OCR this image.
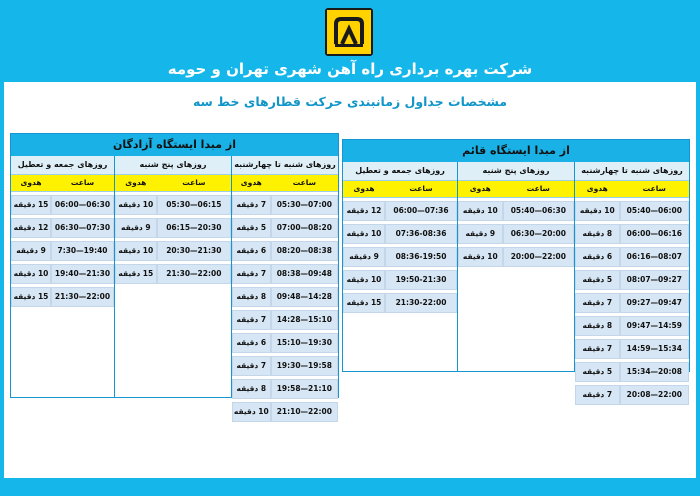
شرکت بهره برداری راه آهن شهری تهران و حومه
مشخصات جداول زمانبندی حرکت قطارهای خط سه
از مبدا ایستگاه قائم
روزهای شنبه تا چهارشنبه
ساعت
هدوی
05:40—06:00
10 دقیقه
06:00—06:16
8 دقیقه
06:16—08:07
6 دقیقه
08:07—09:27
5 دقیقه
09:27—09:47
7 دقیقه
09:47—14:59
8 دقیقه
14:59—15:34
7 دقیقه
15:34—20:08
5 دقیقه
20:08—22:00
7 دقیقه
روزهای پنج شنبه
ساعت
هدوی
05:40—06:30
10 دقیقه
06:30—20:00
9 دقیقه
20:00—22:00
10 دقیقه
روزهای جمعه و تعطیل
ساعت
هدوی
06:00—07:36
12 دقیقه
07:36-08:36
10 دقیقه
08:36-19:50
9 دقیقه
19:50-21:30
10 دقیقه
21:30-22:00
15 دقیقه
از مبدا ایستگاه آزادگان
روزهای شنبه تا چهارشنبه
ساعت
هدوی
05:30—07:00
7 دقیقه
07:00—08:20
5 دقیقه
08:20—08:38
6 دقیقه
08:38—09:48
7 دقیقه
09:48—14:28
8 دقیقه
14:28—15:10
7 دقیقه
15:10—19:30
6 دقیقه
19:30—19:58
7 دقیقه
19:58—21:10
8 دقیقه
21:10—22:00
10 دقیقه
روزهای پنج شنبه
ساعت
هدوی
05:30—06:15
10 دقیقه
06:15—20:30
9 دقیقه
20:30—21:30
10 دقیقه
21:30—22:00
15 دقیقه
روزهای جمعه و تعطیل
ساعت
هدوی
06:00—06:30
15 دقیقه
06:30—07:30
12 دقیقه
7:30—19:40
9 دقیقه
19:40—21:30
10 دقیقه
21:30—22:00
15 دقیقه
